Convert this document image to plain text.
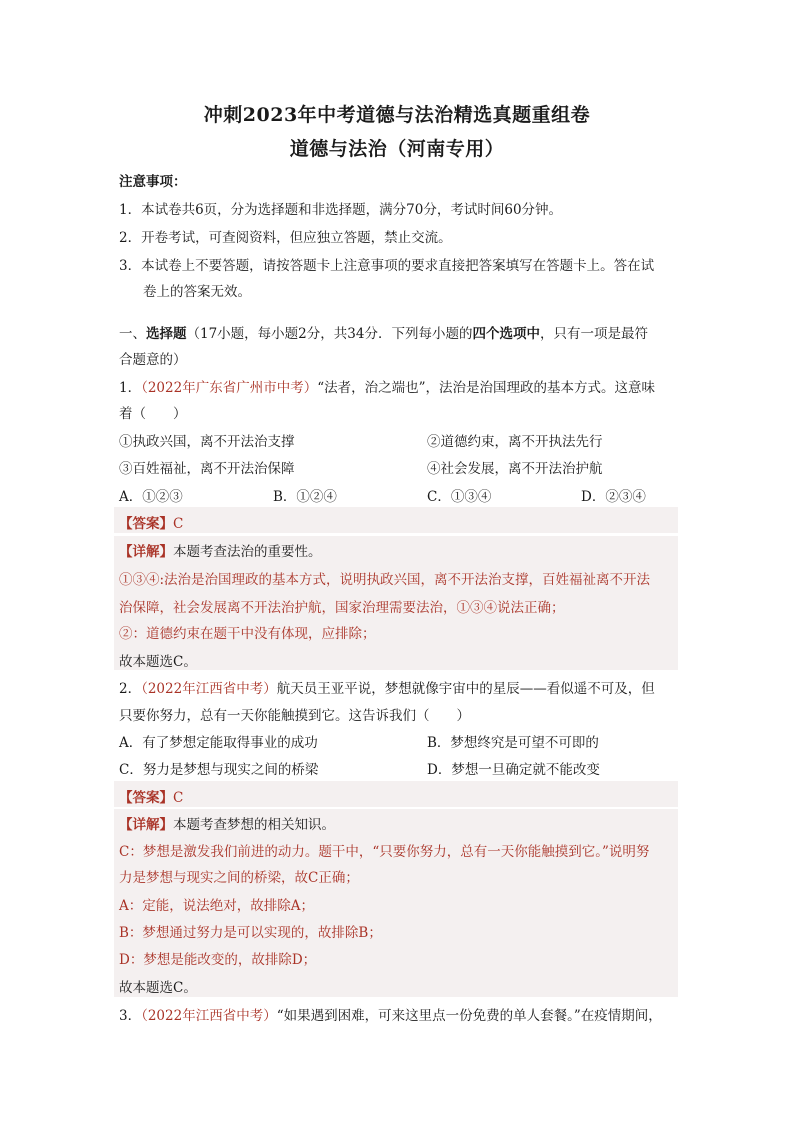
冲刺2023年中考道德与法治精选真题重组卷
道德与法治（河南专用）
注意事项：
1．本试卷共6页，分为选择题和非选择题，满分70分，考试时间60分钟。
2．开卷考试，可查阅资料，但应独立答题，禁止交流。
3．本试卷上不要答题，请按答题卡上注意事项的要求直接把答案填写在答题卡上。答在试
卷上的答案无效。
一、选择题（17小题，每小题2分，共34分．下列每小题的四个选项中，只有一项是最符
合题意的）
1．（2022年广东省广州市中考）“法者，治之端也”，法治是治国理政的基本方式。这意味
着（　　）
①执政兴国，离不开法治支撑	②道德约束，离不开执法先行
③百姓福祉，离不开法治保障	④社会发展，离不开法治护航
A．①②③	B．①②④	C．①③④	D．②③④
【答案】C
【详解】本题考查法治的重要性。
①③④:法治是治国理政的基本方式，说明执政兴国，离不开法治支撑，百姓福祉离不开法
治保障，社会发展离不开法治护航，国家治理需要法治，①③④说法正确；
②：道德约束在题干中没有体现，应排除；
故本题选C。
2．（2022年江西省中考）航天员王亚平说，梦想就像宇宙中的星辰——看似遥不可及，但
只要你努力，总有一天你能触摸到它。这告诉我们（　　）
A．有了梦想定能取得事业的成功	B．梦想终究是可望不可即的
C．努力是梦想与现实之间的桥梁	D．梦想一旦确定就不能改变
【答案】C
【详解】本题考查梦想的相关知识。
C：梦想是激发我们前进的动力。题干中，“只要你努力，总有一天你能触摸到它。”说明努
力是梦想与现实之间的桥梁，故C正确；
A：定能，说法绝对，故排除A；
B：梦想通过努力是可以实现的，故排除B；
D：梦想是能改变的，故排除D；
故本题选C。
3．（2022年江西省中考）“如果遇到困难，可来这里点一份免费的单人套餐。”在疫情期间，
